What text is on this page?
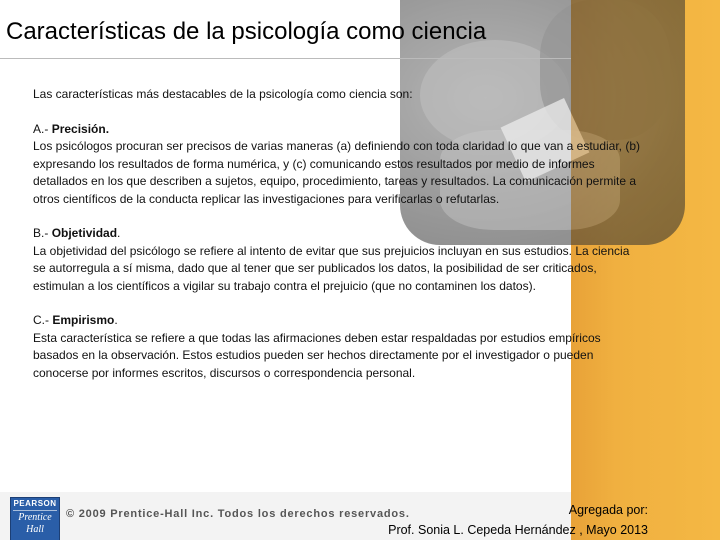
Características de la psicología como ciencia

Las características más destacables de la psicología como ciencia son:

A.- Precisión.

Los psicólogos procuran ser precisos de varias maneras (a) definiendo con toda claridad lo que van a estudiar, (b) expresando los resultados de forma numérica, y (c) comunicando estos resultados por medio de informes detallados en los que describen a sujetos, equipo, procedimiento, tareas y resultados. La comunicación permite a otros científicos de la conducta replicar las investigaciones para verificarlas o refutarlas.

B.- Objetividad.

La objetividad del psicólogo se refiere al intento de evitar que sus prejuicios incluyan en sus estudios. La ciencia se autorregula a sí misma, dado que al tener que ser publicados los datos, la posibilidad de ser criticados, estimulan a los científicos a vigilar su trabajo contra el prejuicio (que no contaminen los datos).

C.- Empirismo.

Esta característica se refiere a que todas las afirmaciones deben estar respaldadas por estudios empíricos basados en la observación. Estos estudios pueden ser hechos directamente por el investigador o pueden conocerse por informes escritos, discursos o correspondencia personal.

PEARSON
Prentice
Hall
© 2009 Prentice-Hall Inc. Todos los derechos reservados.	Agregada por:
Prof. Sonia L. Cepeda Hernández , Mayo 2013
